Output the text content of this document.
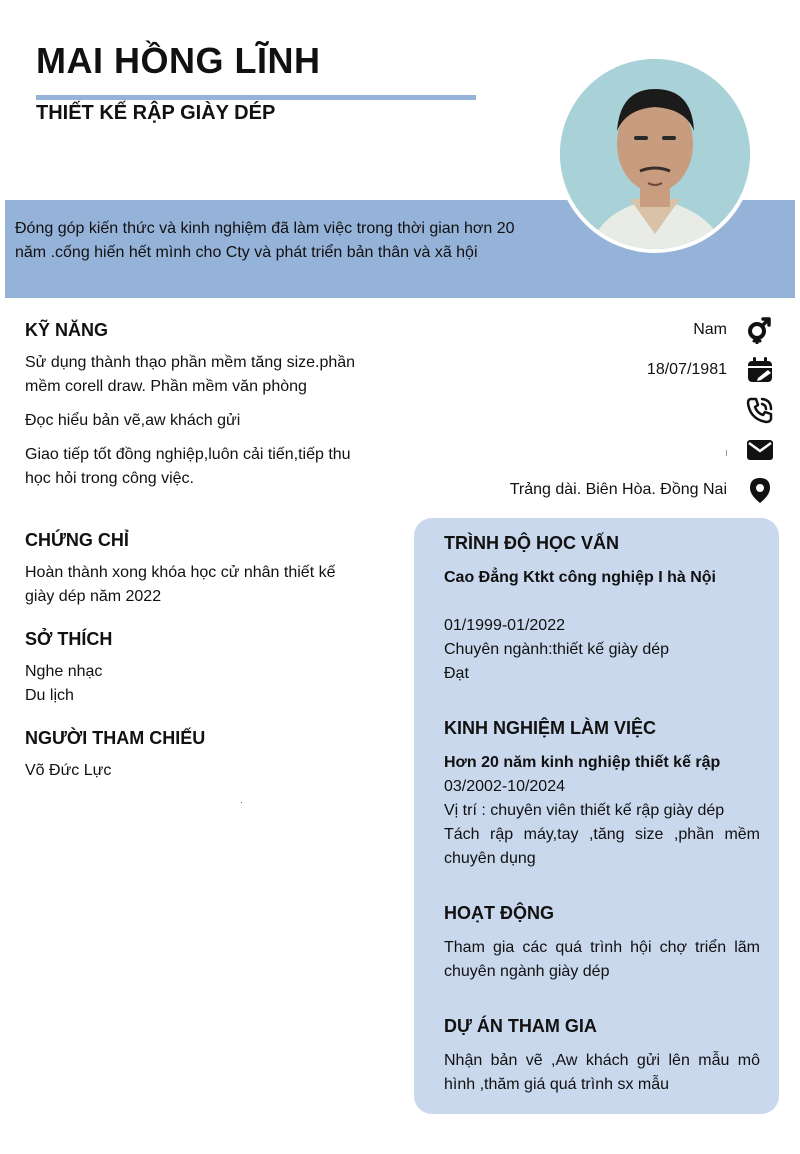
MAI HỒNG LĨNH
THIẾT KẾ RẬP GIÀY DÉP
Đóng góp kiến thức và kinh nghiệm đã làm việc trong thời gian hơn 20 năm .cống hiến hết mình cho Cty và phát triển bản thân và xã hội
KỸ NĂNG
Sử dụng thành thạo phần mềm tăng size.phần mềm corell draw. Phần mềm văn phòng
Đọc hiểu bản vẽ,aw khách gửi
Giao tiếp tốt đồng nghiệp,luôn cải tiến,tiếp thu học hỏi trong công việc.
CHỨNG CHỈ
Hoàn thành xong khóa học cử nhân thiết kế giày dép năm 2022
SỞ THÍCH
Nghe nhạc
Du lịch
NGƯỜI THAM CHIẾU
Võ Đức Lực
Nam
18/07/1981
Trảng dài. Biên Hòa. Đồng Nai
TRÌNH ĐỘ HỌC VẤN
Cao Đẳng Ktkt công nghiệp I hà Nội
01/1999-01/2022
Chuyên ngành:thiết kế giày dép
Đạt
KINH NGHIỆM LÀM VIỆC
Hơn 20 năm kinh nghiệp thiết kế rập
03/2002-10/2024
Vị trí : chuyên viên thiết kế rập giày dép
Tách rập máy,tay ,tăng size ,phần mềm chuyên dụng
HOẠT ĐỘNG
Tham gia các quá trình hội chợ triển lãm chuyên ngành giày dép
DỰ ÁN THAM GIA
Nhận bản vẽ ,Aw khách gửi lên mẫu mô hình ,thăm giá quá trình sx mẫu
